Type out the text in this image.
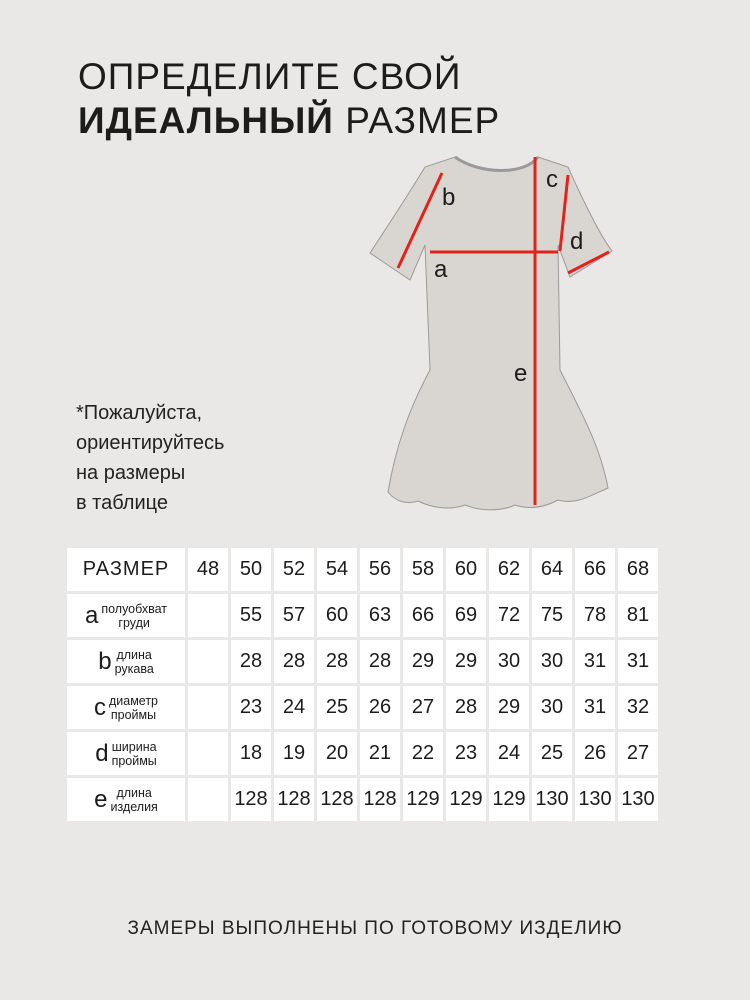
ОПРЕДЕЛИТЕ СВОЙ
ИДЕАЛЬНЫЙ РАЗМЕР
b
a
c
d
e
*Пожалуйста,
ориентируйтесь
на размеры
в таблице
РАЗМЕР	48	50	52	54	56	58	60	62	64	66	68
a полуобхват
груди		55	57	60	63	66	69	72	75	78	81
b длина
рукава		28	28	28	28	29	29	30	30	31	31
c диаметр
проймы		23	24	25	26	27	28	29	30	31	32
d ширина
проймы		18	19	20	21	22	23	24	25	26	27
e длина
изделия		128	128	128	128	129	129	129	130	130	130
ЗАМЕРЫ ВЫПОЛНЕНЫ ПО ГОТОВОМУ ИЗДЕЛИЮ
